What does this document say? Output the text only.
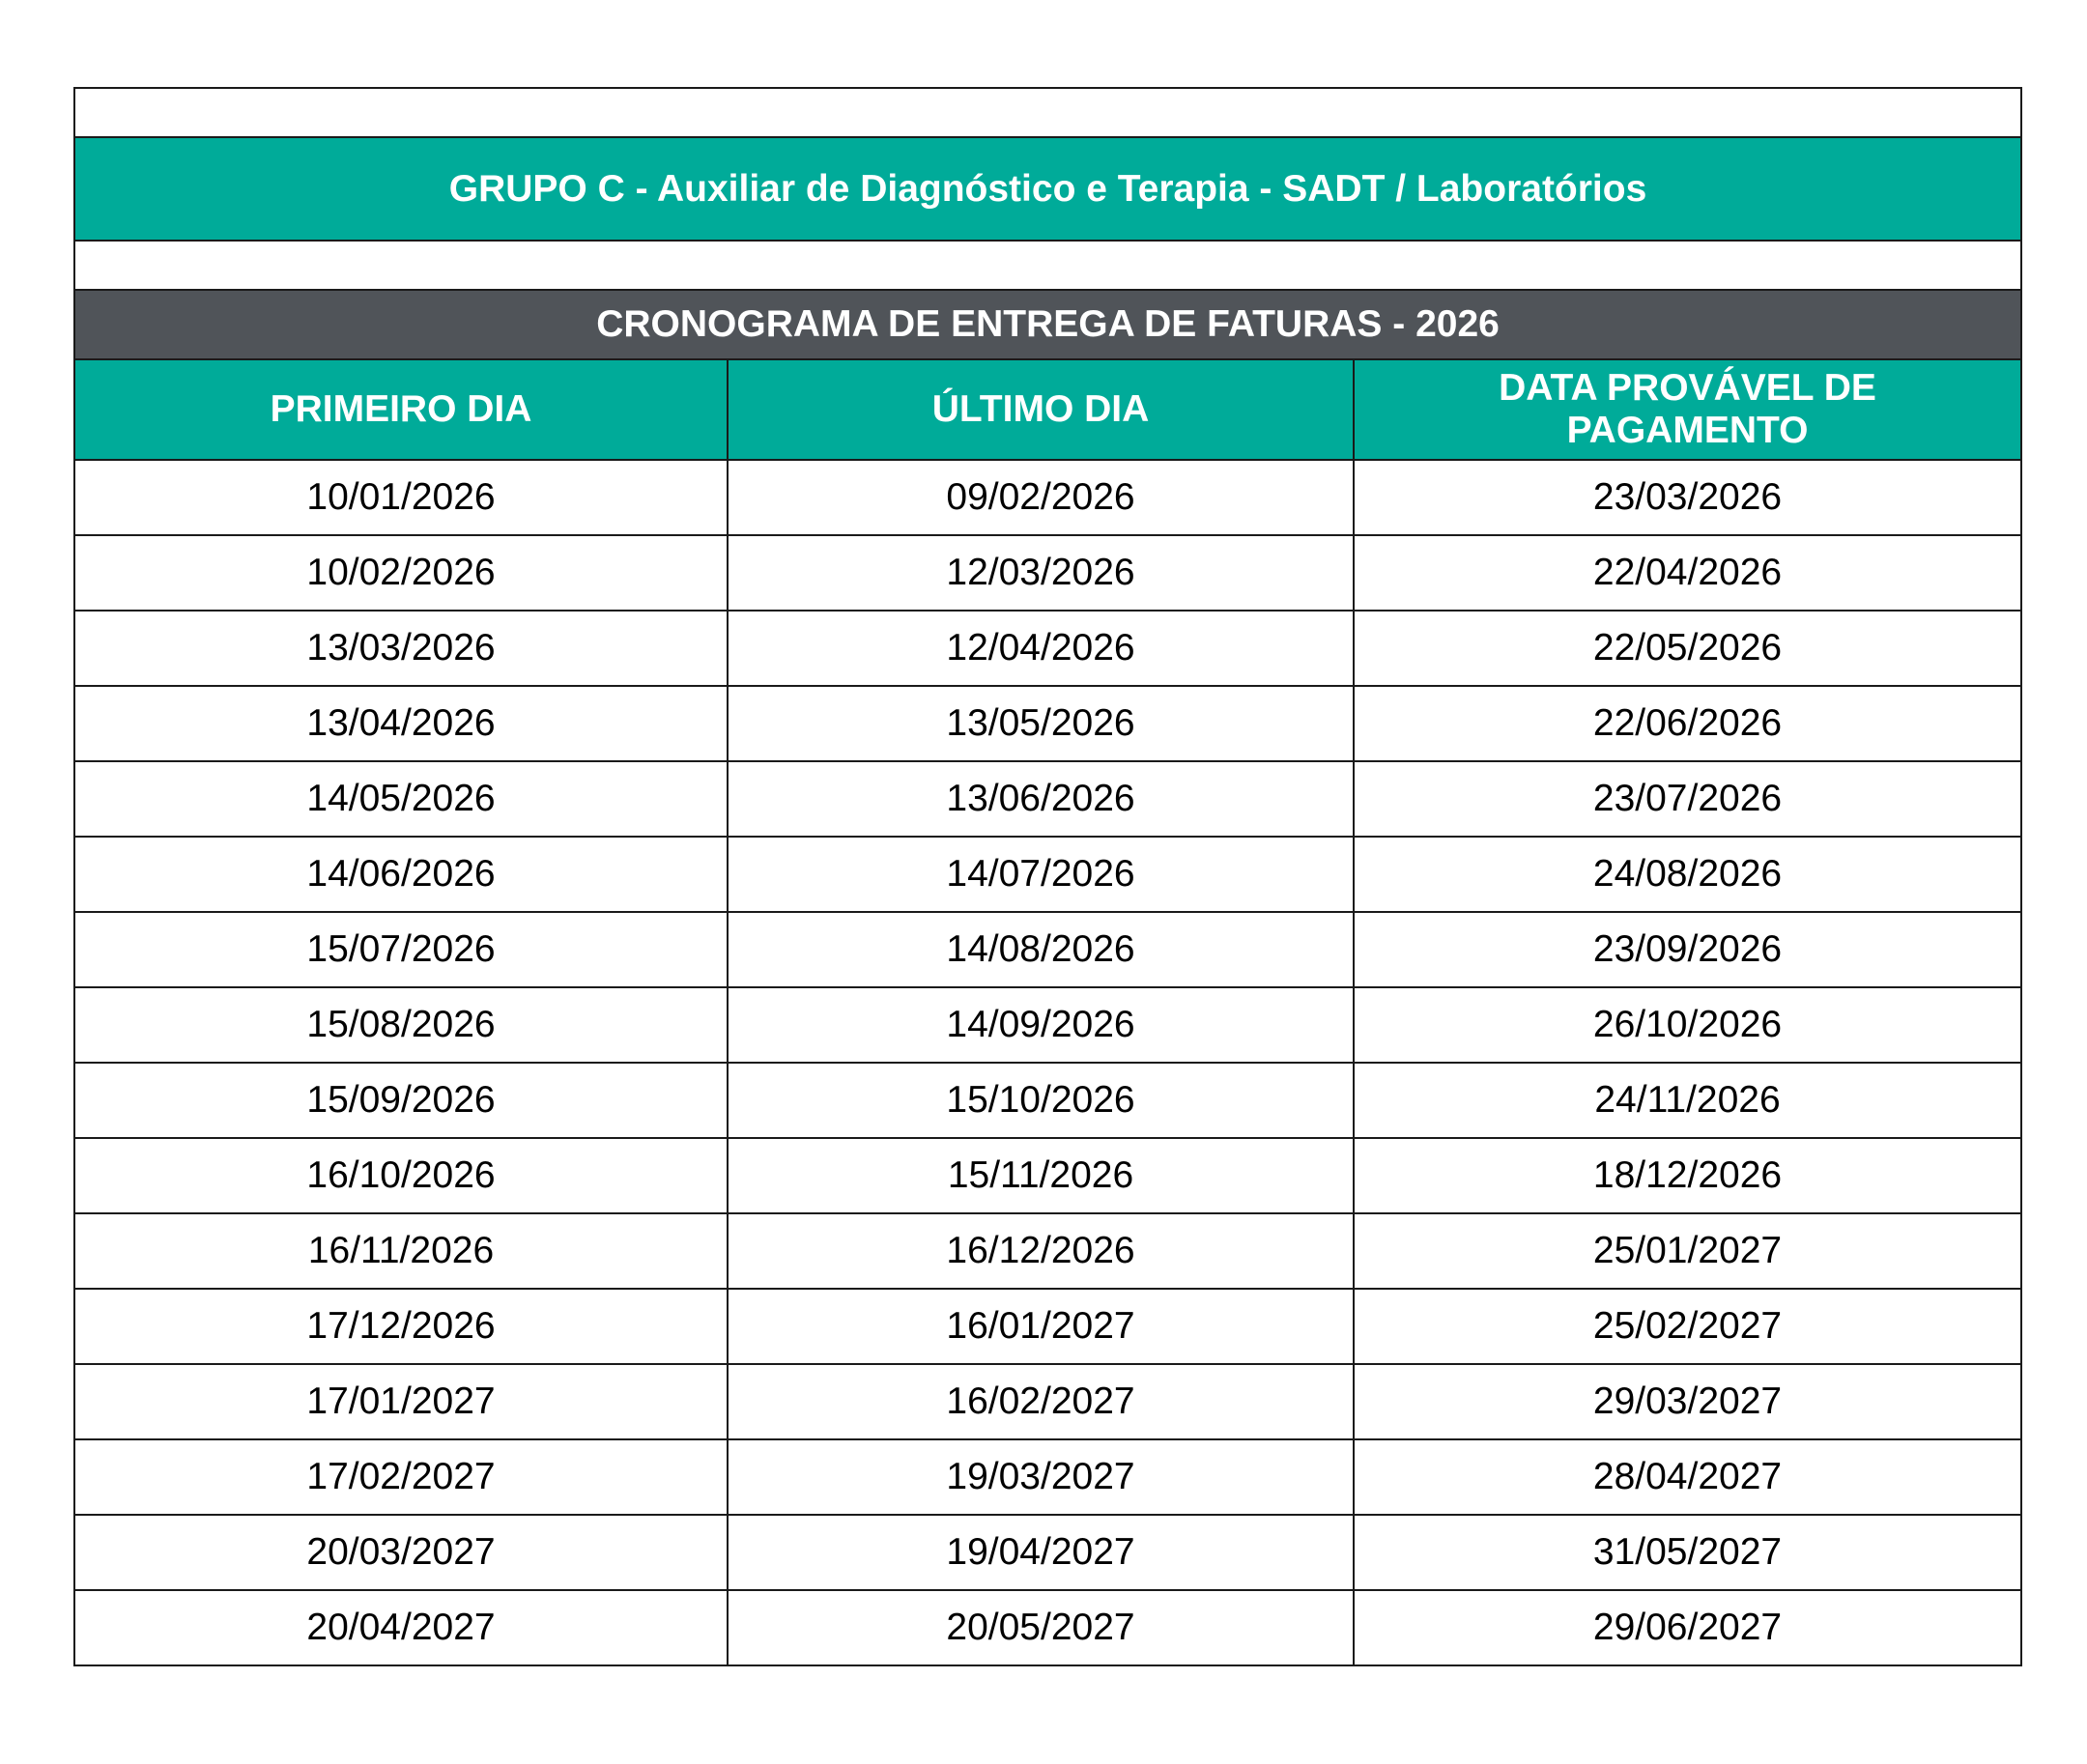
GRUPO C - Auxiliar de Diagnóstico e Terapia - SADT / Laboratórios		

CRONOGRAMA DE ENTREGA DE FATURAS - 2026		
PRIMEIRO DIA	ÚLTIMO DIA	DATA PROVÁVEL DE PAGAMENTO
10/01/2026	09/02/2026	23/03/2026
10/02/2026	12/03/2026	22/04/2026
13/03/2026	12/04/2026	22/05/2026
13/04/2026	13/05/2026	22/06/2026
14/05/2026	13/06/2026	23/07/2026
14/06/2026	14/07/2026	24/08/2026
15/07/2026	14/08/2026	23/09/2026
15/08/2026	14/09/2026	26/10/2026
15/09/2026	15/10/2026	24/11/2026
16/10/2026	15/11/2026	18/12/2026
16/11/2026	16/12/2026	25/01/2027
17/12/2026	16/01/2027	25/02/2027
17/01/2027	16/02/2027	29/03/2027
17/02/2027	19/03/2027	28/04/2027
20/03/2027	19/04/2027	31/05/2027
20/04/2027	20/05/2027	29/06/2027
